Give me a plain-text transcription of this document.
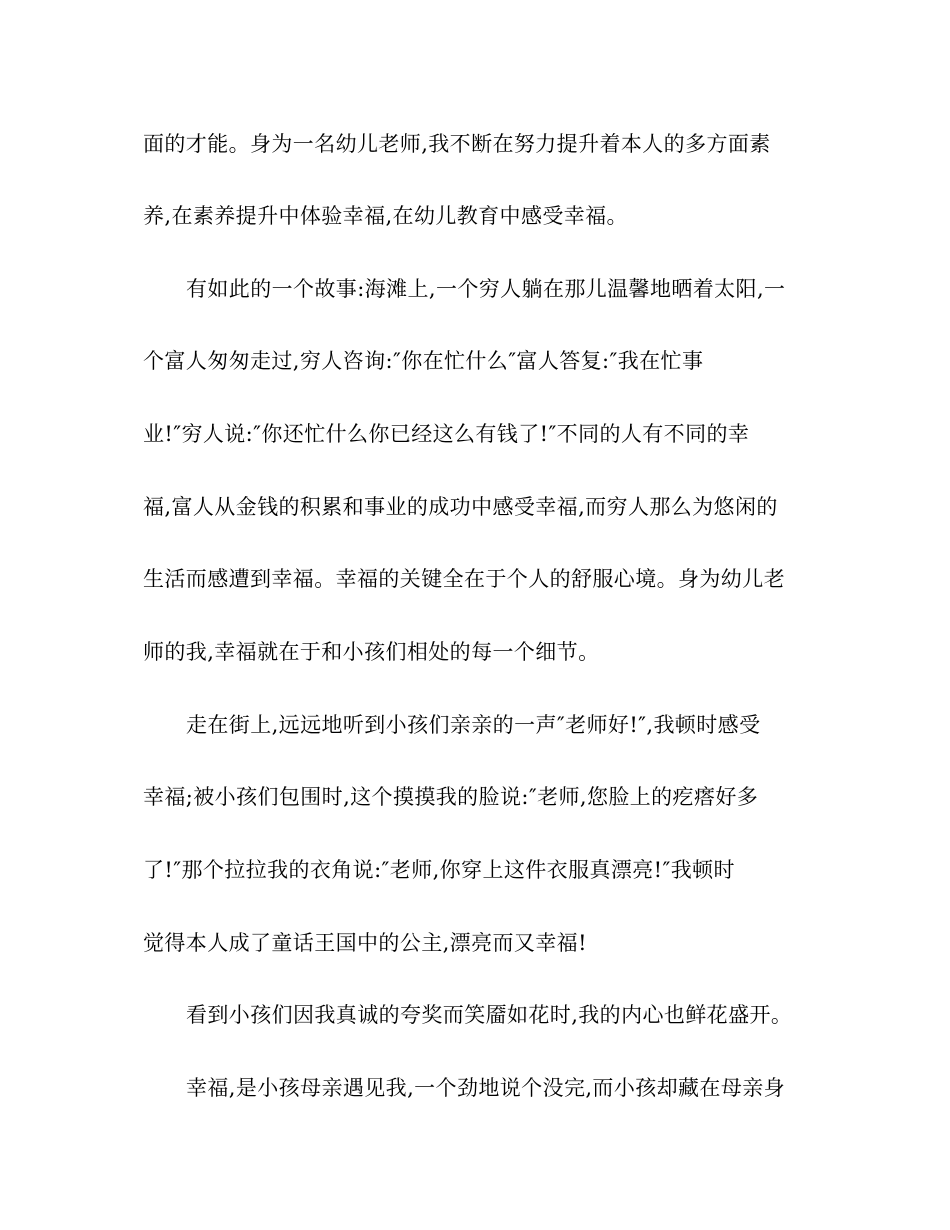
面的才能。身为一名幼儿老师,我不断在努力提升着本人的多方面素
养,在素养提升中体验幸福,在幼儿教育中感受幸福。
有如此的一个故事:海滩上,一个穷人躺在那儿温馨地晒着太阳,一
个富人匆匆走过,穷人咨询:″你在忙什么″富人答复:″我在忙事
业!″穷人说:″你还忙什么你已经这么有钱了!″不同的人有不同的幸
福,富人从金钱的积累和事业的成功中感受幸福,而穷人那么为悠闲的
生活而感遭到幸福。幸福的关键全在于个人的舒服心境。身为幼儿老
师的我,幸福就在于和小孩们相处的每一个细节。
走在街上,远远地听到小孩们亲亲的一声″老师好!″,我顿时感受
幸福;被小孩们包围时,这个摸摸我的脸说:″老师,您脸上的疙瘩好多
了!″那个拉拉我的衣角说:″老师,你穿上这件衣服真漂亮!″我顿时
觉得本人成了童话王国中的公主,漂亮而又幸福!
看到小孩们因我真诚的夸奖而笑靥如花时,我的内心也鲜花盛开。
幸福,是小孩母亲遇见我,一个劲地说个没完,而小孩却藏在母亲身
